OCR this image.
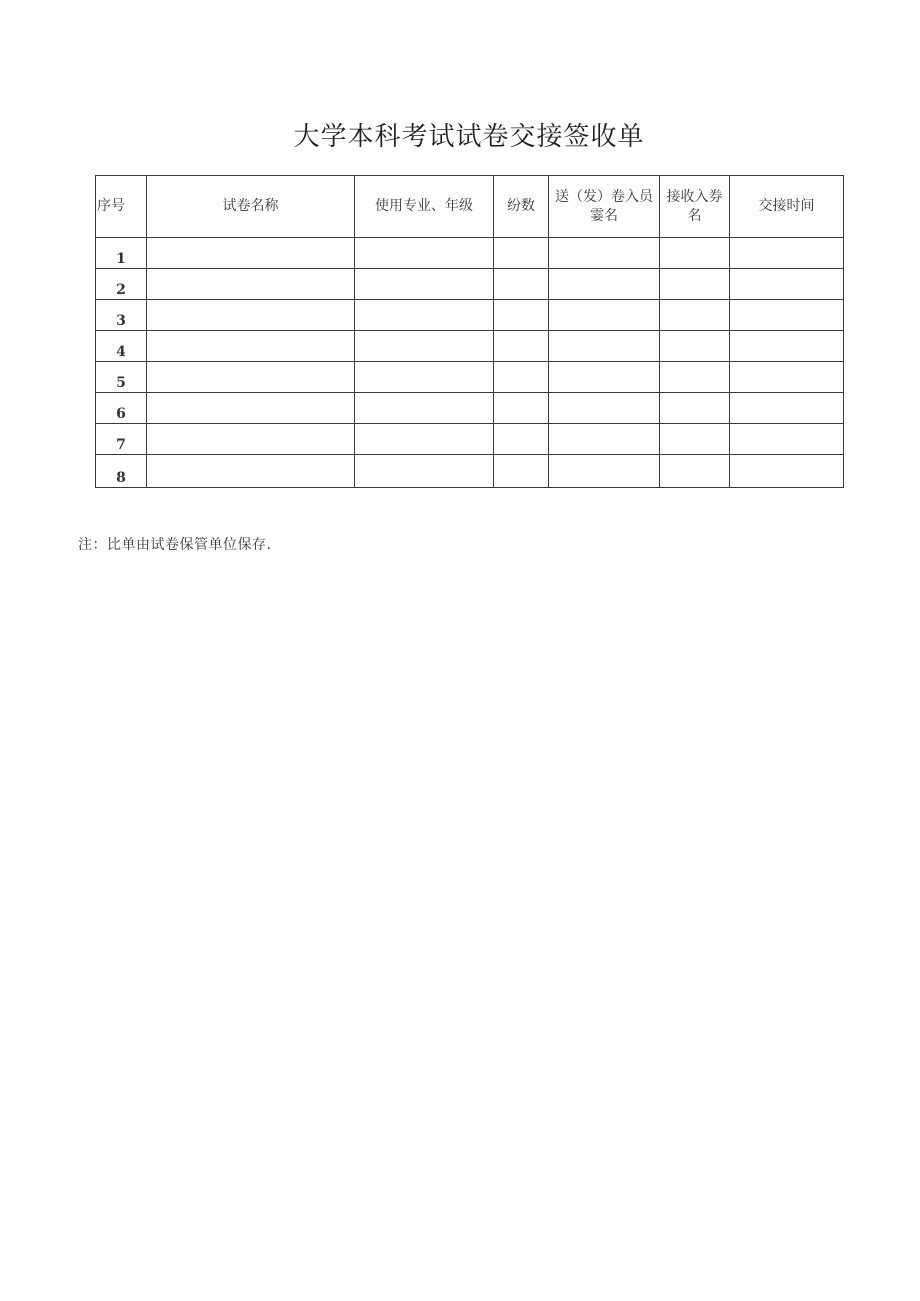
大学本科考试试卷交接签收单
序号	试卷名称	使用专业、年级	纷数	送（发）卷入员霎名	接收入券名	交接时间
1						
2						
3						
4						
5						
6						
7						
8						
注：比单由试卷保管单位保存.
